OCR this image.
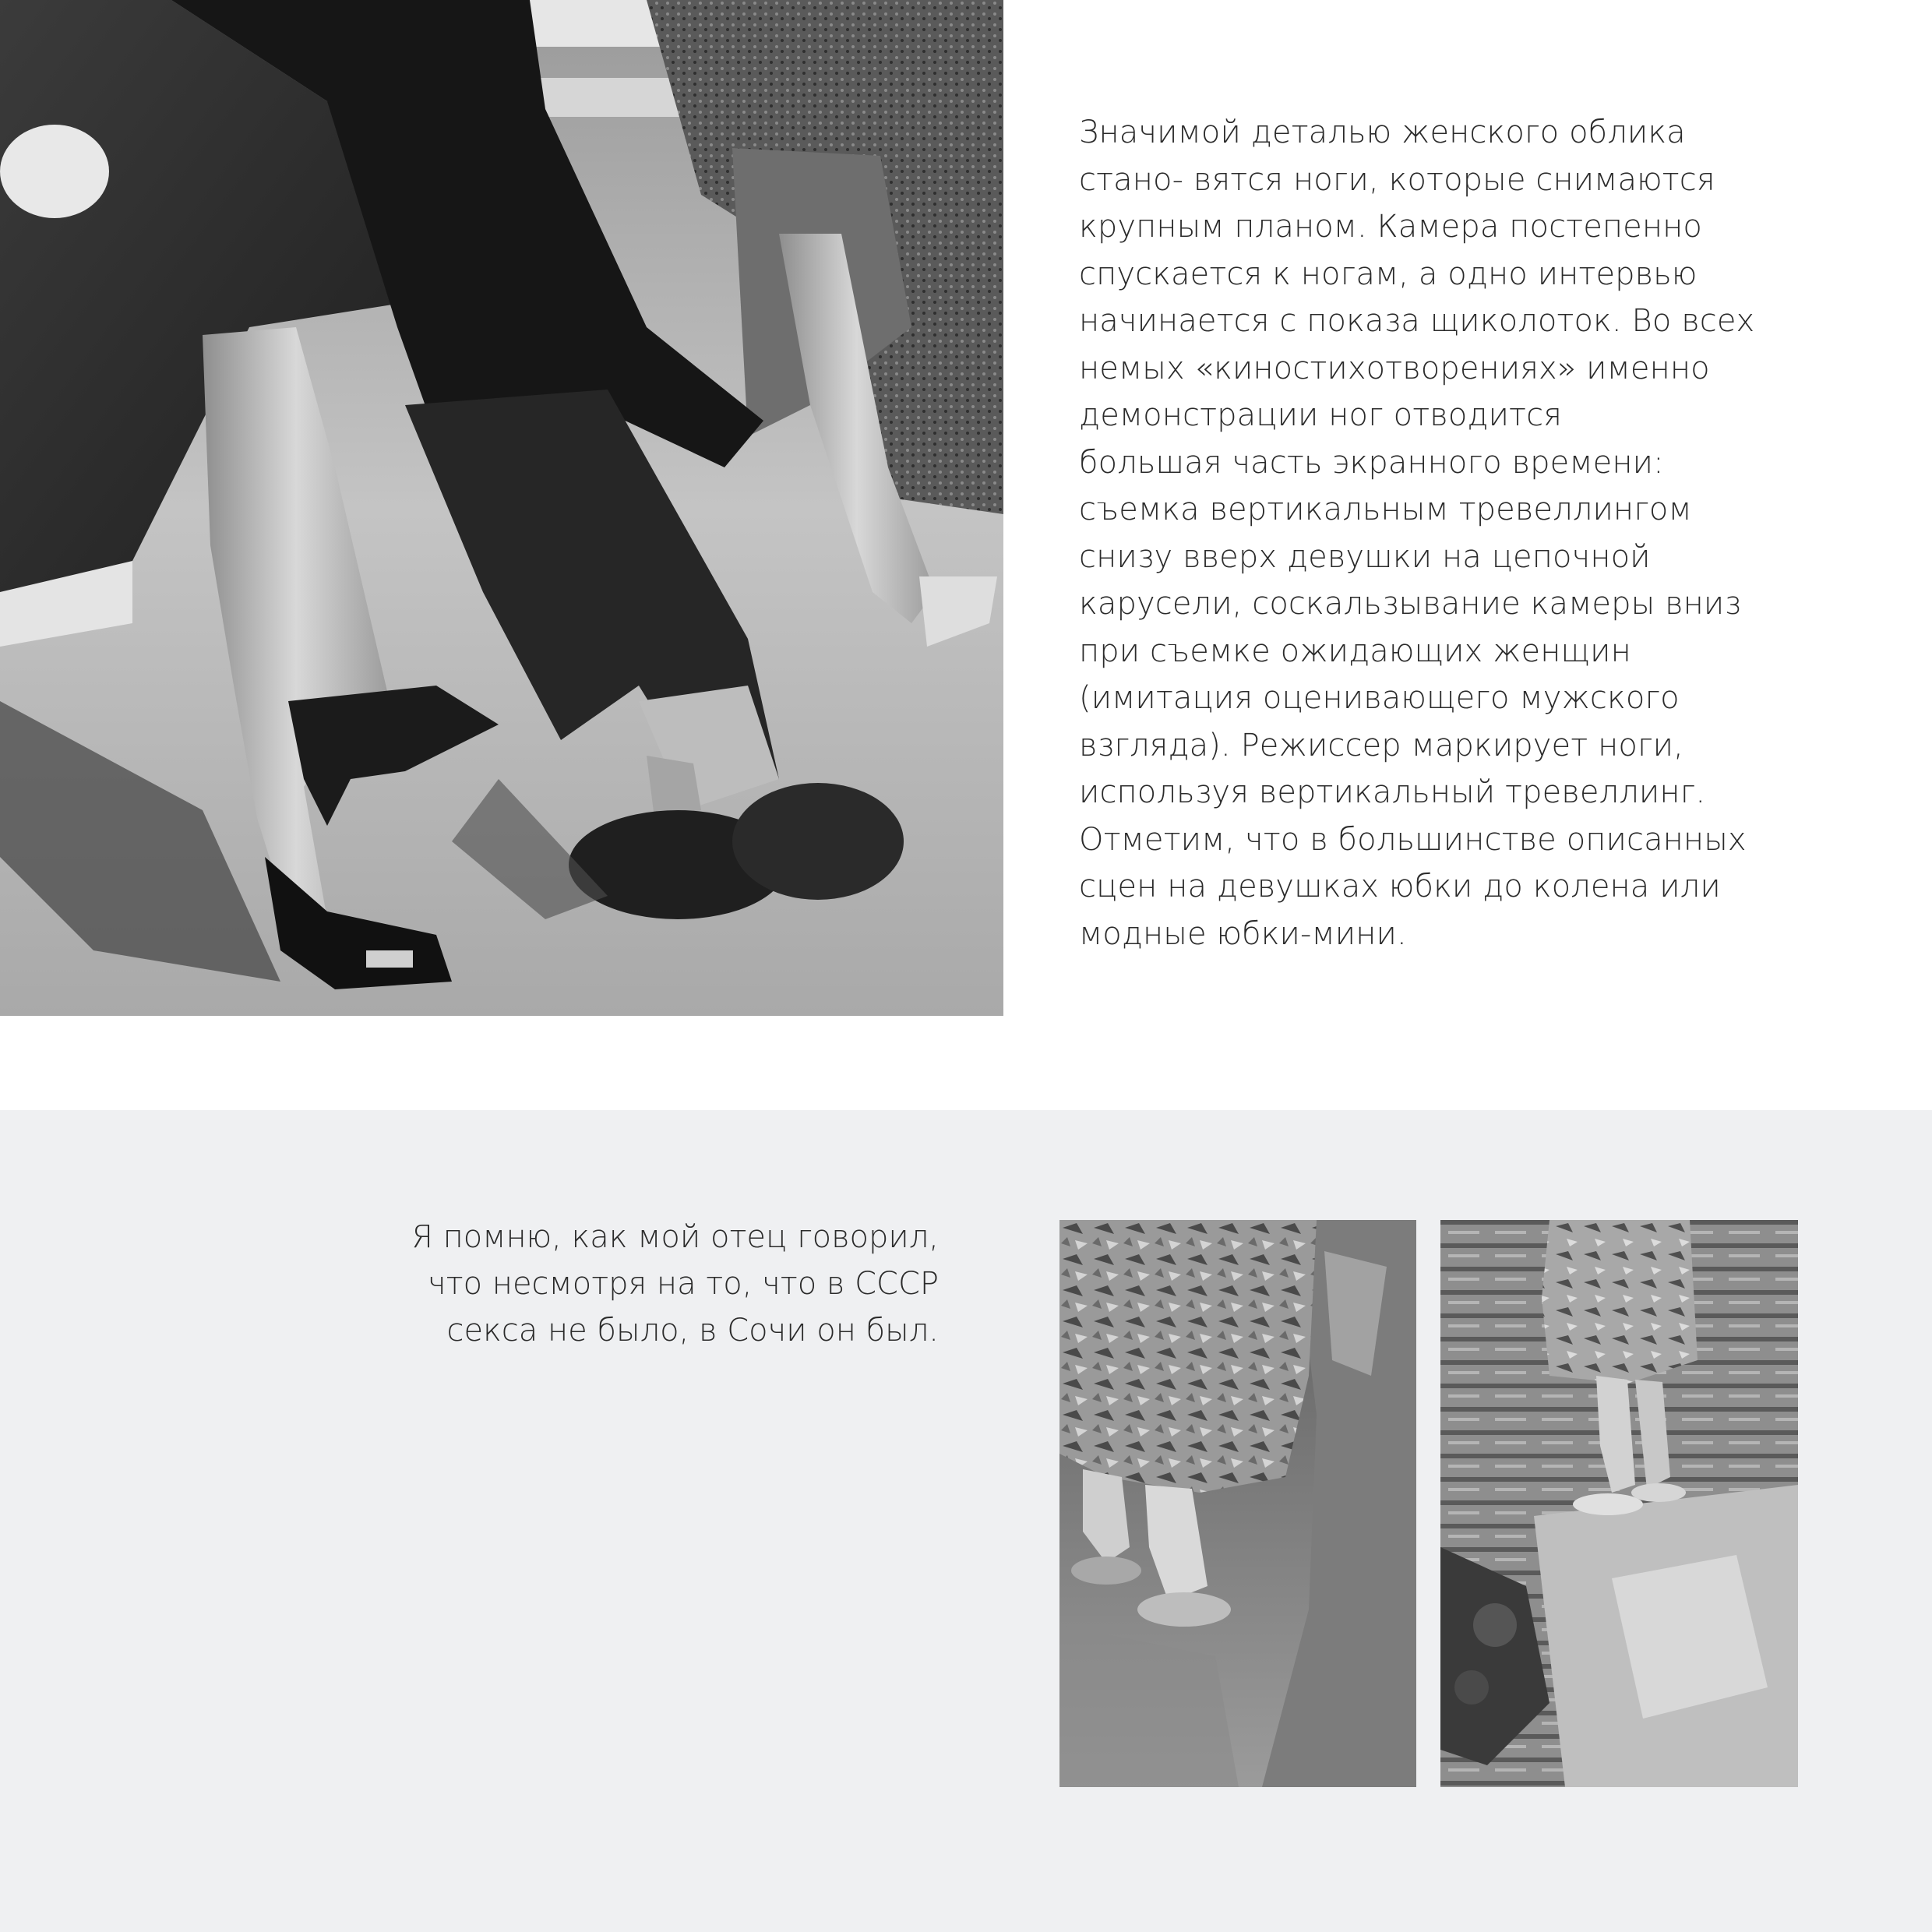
Значимой деталью женского облика
стано- вятся ноги, которые снимаются
крупным планом. Камера постепенно
спускается к ногам, а одно интервью
начинается с показа щиколоток. Во всех
немых «киностихотворениях» именно
демонстрации ног отводится
большая часть экранного времени:
съемка вертикальным тревеллингом
снизу вверх девушки на цепочной
карусели, соскальзывание камеры вниз
при съемке ожидающих женщин
(имитация оценивающего мужского
взгляда). Режиссер маркирует ноги,
используя вертикальный тревеллинг.
Отметим, что в большинстве описанных
сцен на девушках юбки до колена или
модные юбки-мини.

Я помню, как мой отец говорил,
что несмотря на то, что в СССР
секса не было, в Сочи он был.
